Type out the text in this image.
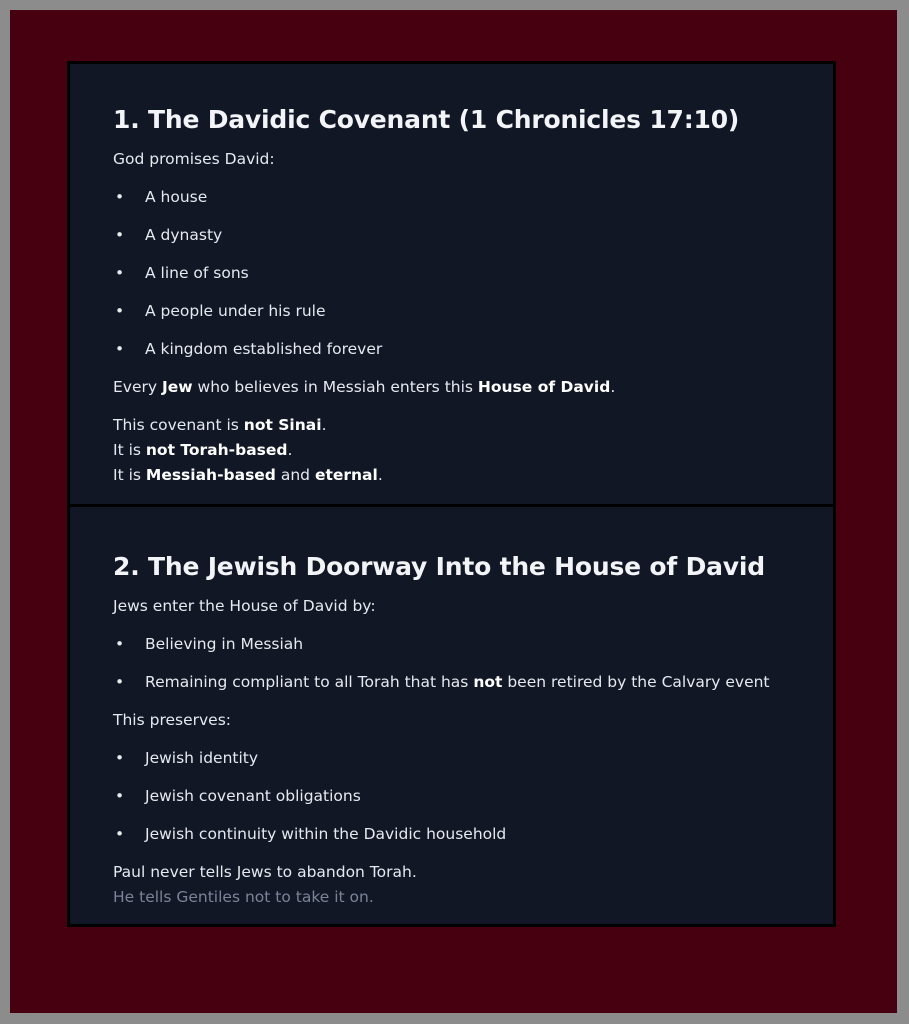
1. The Davidic Covenant (1 Chronicles 17:10)
God promises David:
• A house
• A dynasty
• A line of sons
• A people under his rule
• A kingdom established forever
Every Jew who believes in Messiah enters this House of David.
This covenant is not Sinai.
It is not Torah-based.
It is Messiah-based and eternal.
2. The Jewish Doorway Into the House of David
Jews enter the House of David by:
• Believing in Messiah
• Remaining compliant to all Torah that has not been retired by the Calvary event
This preserves:
• Jewish identity
• Jewish covenant obligations
• Jewish continuity within the Davidic household
Paul never tells Jews to abandon Torah.
He tells Gentiles not to take it on.
